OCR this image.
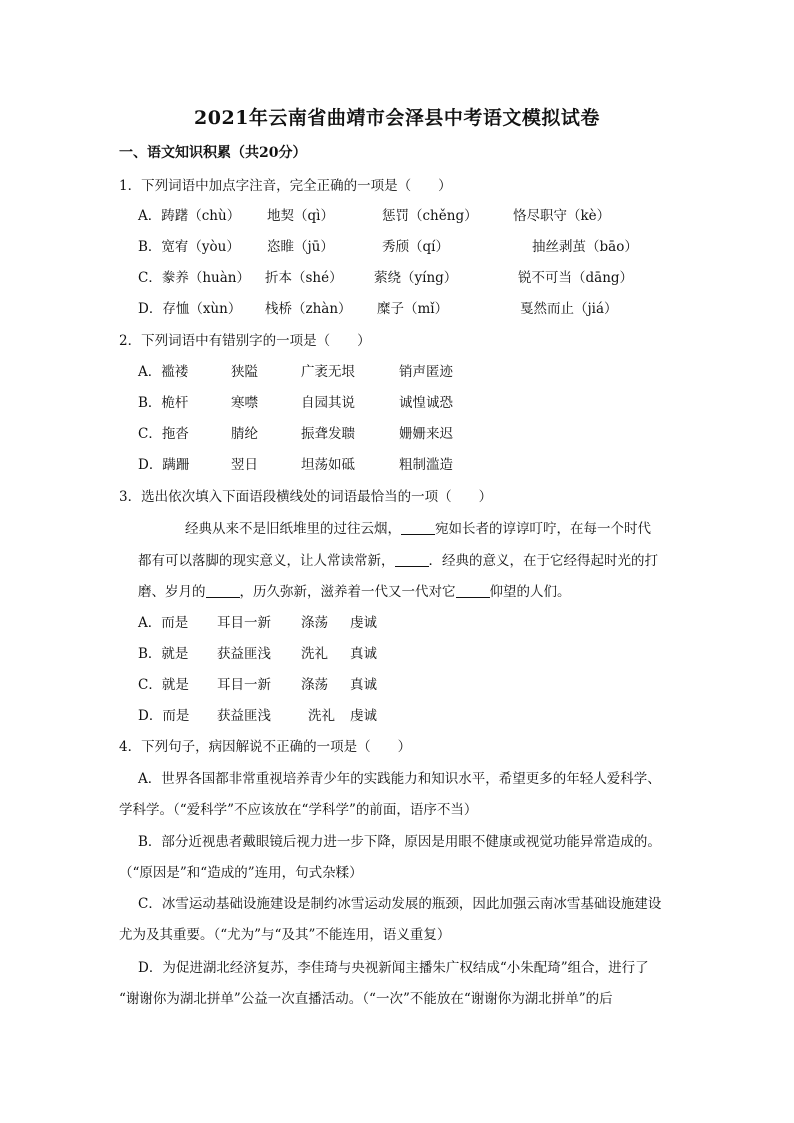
2021年云南省曲靖市会泽县中考语文模拟试卷
一、语文知识积累（共20分）
1．下列词语中加点字注音，完全正确的一项是（　　）
A．踌躇（chù） 地契（qì）	惩罚（chěng）	恪尽职守（kè）
B．宽宥（yòu） 恣睢（jū）	秀颀（qí）	抽丝剥茧（bāo）
C．豢养（huàn） 折本（shé） 萦绕（yíng）	锐不可当（dāng）
D．存恤（xùn） 栈桥（zhàn） 糜子（mǐ）	戛然而止（jiá）
2．下列词语中有错别字的一项是（　　）
A．褴褛	狭隘	广袤无垠	销声匿迹
B．桅杆	寒噤	自园其说	诚惶诚恐
C．拖沓	腈纶	振聋发聩	姗姗来迟
D．蹒跚	翌日	坦荡如砥	粗制滥造
3．选出依次填入下面语段横线处的词语最恰当的一项（　　）
经典从来不是旧纸堆里的过往云烟，	宛如长者的谆谆叮咛，在每一个时代
都有可以落脚的现实意义，让人常读常新，	．经典的意义，在于它经得起时光的打
磨、岁月的	，历久弥新，滋养着一代又一代对它	仰望的人们。
A．而是 耳目一新 涤荡 虔诚
B．就是 获益匪浅 洗礼 真诚
C．就是 耳目一新 涤荡 真诚
D．而是 获益匪浅	洗礼 虔诚
4．下列句子，病因解说不正确的一项是（　　）
A．世界各国都非常重视培养青少年的实践能力和知识水平，希望更多的年轻人爱科学、
学科学。（“爱科学”不应该放在“学科学”的前面，语序不当）
B．部分近视患者戴眼镜后视力进一步下降，原因是用眼不健康或视觉功能异常造成的。
（“原因是”和“造成的”连用，句式杂糅）
C．冰雪运动基础设施建设是制约冰雪运动发展的瓶颈，因此加强云南冰雪基础设施建设
尤为及其重要。（“尤为”与“及其”不能连用，语义重复）
D．为促进湖北经济复苏，李佳琦与央视新闻主播朱广权结成“小朱配琦”组合，进行了
“谢谢你为湖北拼单”公益一次直播活动。（“一次”不能放在“谢谢你为湖北拼单”的后
